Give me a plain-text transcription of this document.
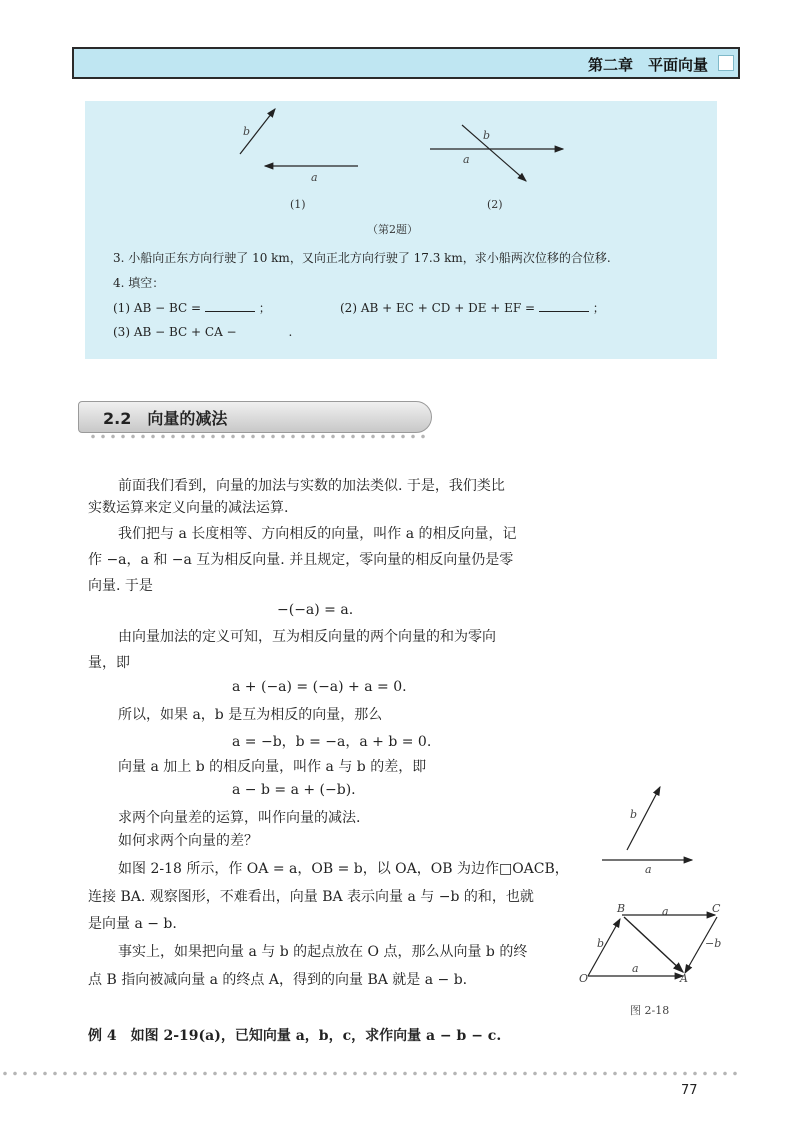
第二章　平面向量
b
a
b
a
(1)	(2)
（第2题）
3. 小船向正东方向行驶了 10 km，又向正北方向行驶了 17.3 km，求小船两次位移的合位移.
4. 填空：
(1) AB − BC =	；	(2) AB + EC + CD + DE + EF =	；
(3) AB − BC + CA −	.
2.2　向量的减法
前面我们看到，向量的加法与实数的加法类似. 于是，我们类比
实数运算来定义向量的减法运算.
我们把与 a 长度相等、方向相反的向量，叫作 a 的相反向量，记
作 −a，a 和 −a 互为相反向量. 并且规定，零向量的相反向量仍是零
向量. 于是
−(−a) = a.
由向量加法的定义可知，互为相反向量的两个向量的和为零向
量，即
a + (−a) = (−a) + a = 0.
所以，如果 a，b 是互为相反的向量，那么
a = −b，b = −a，a + b = 0.
向量 a 加上 b 的相反向量，叫作 a 与 b 的差，即
a − b = a + (−b).
求两个向量差的运算，叫作向量的减法.
如何求两个向量的差？
如图 2-18 所示，作 OA = a，OB = b，以 OA，OB 为边作□OACB，
连接 BA. 观察图形，不难看出，向量 BA 表示向量 a 与 −b 的和，也就
是向量 a − b.
事实上，如果把向量 a 与 b 的起点放在 O 点，那么从向量 b 的终
点 B 指向被减向量 a 的终点 A，得到的向量 BA 就是 a − b.
例 4　如图 2-19(a)，已知向量 a，b，c，求作向量 a − b − c.
b
a
B	C
O	A
a
b	−b
a
图 2-18
77
